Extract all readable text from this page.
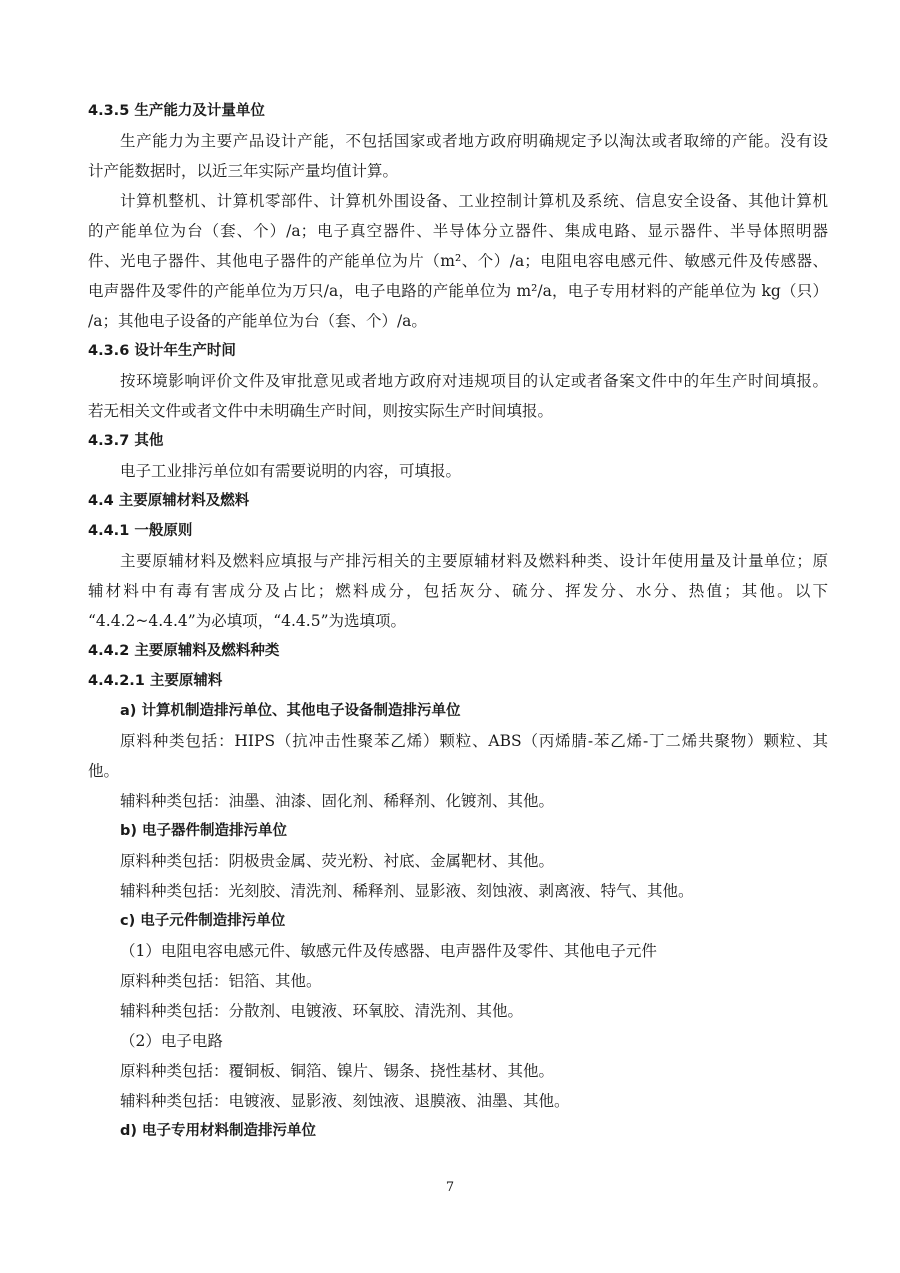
4.3.5 生产能力及计量单位
生产能力为主要产品设计产能，不包括国家或者地方政府明确规定予以淘汰或者取缔的产能。没有设
计产能数据时，以近三年实际产量均值计算。
计算机整机、计算机零部件、计算机外围设备、工业控制计算机及系统、信息安全设备、其他计算机
的产能单位为台（套、个）/a；电子真空器件、半导体分立器件、集成电路、显示器件、半导体照明器
件、光电子器件、其他电子器件的产能单位为片（m²、个）/a；电阻电容电感元件、敏感元件及传感器、
电声器件及零件的产能单位为万只/a，电子电路的产能单位为 m²/a，电子专用材料的产能单位为 kg（只）
/a；其他电子设备的产能单位为台（套、个）/a。
4.3.6 设计年生产时间
按环境影响评价文件及审批意见或者地方政府对违规项目的认定或者备案文件中的年生产时间填报。
若无相关文件或者文件中未明确生产时间，则按实际生产时间填报。
4.3.7 其他
电子工业排污单位如有需要说明的内容，可填报。
4.4 主要原辅材料及燃料
4.4.1 一般原则
主要原辅材料及燃料应填报与产排污相关的主要原辅材料及燃料种类、设计年使用量及计量单位；原
辅材料中有毒有害成分及占比；燃料成分，包括灰分、硫分、挥发分、水分、热值；其他。以下
“4.4.2~4.4.4”为必填项，“4.4.5”为选填项。
4.4.2 主要原辅料及燃料种类
4.4.2.1 主要原辅料
a) 计算机制造排污单位、其他电子设备制造排污单位
原料种类包括：HIPS（抗冲击性聚苯乙烯）颗粒、ABS（丙烯腈-苯乙烯-丁二烯共聚物）颗粒、其
他。
辅料种类包括：油墨、油漆、固化剂、稀释剂、化镀剂、其他。
b) 电子器件制造排污单位
原料种类包括：阴极贵金属、荧光粉、衬底、金属靶材、其他。
辅料种类包括：光刻胶、清洗剂、稀释剂、显影液、刻蚀液、剥离液、特气、其他。
c) 电子元件制造排污单位
（1）电阻电容电感元件、敏感元件及传感器、电声器件及零件、其他电子元件
原料种类包括：铝箔、其他。
辅料种类包括：分散剂、电镀液、环氧胶、清洗剂、其他。
（2）电子电路
原料种类包括：覆铜板、铜箔、镍片、锡条、挠性基材、其他。
辅料种类包括：电镀液、显影液、刻蚀液、退膜液、油墨、其他。
d) 电子专用材料制造排污单位
7
